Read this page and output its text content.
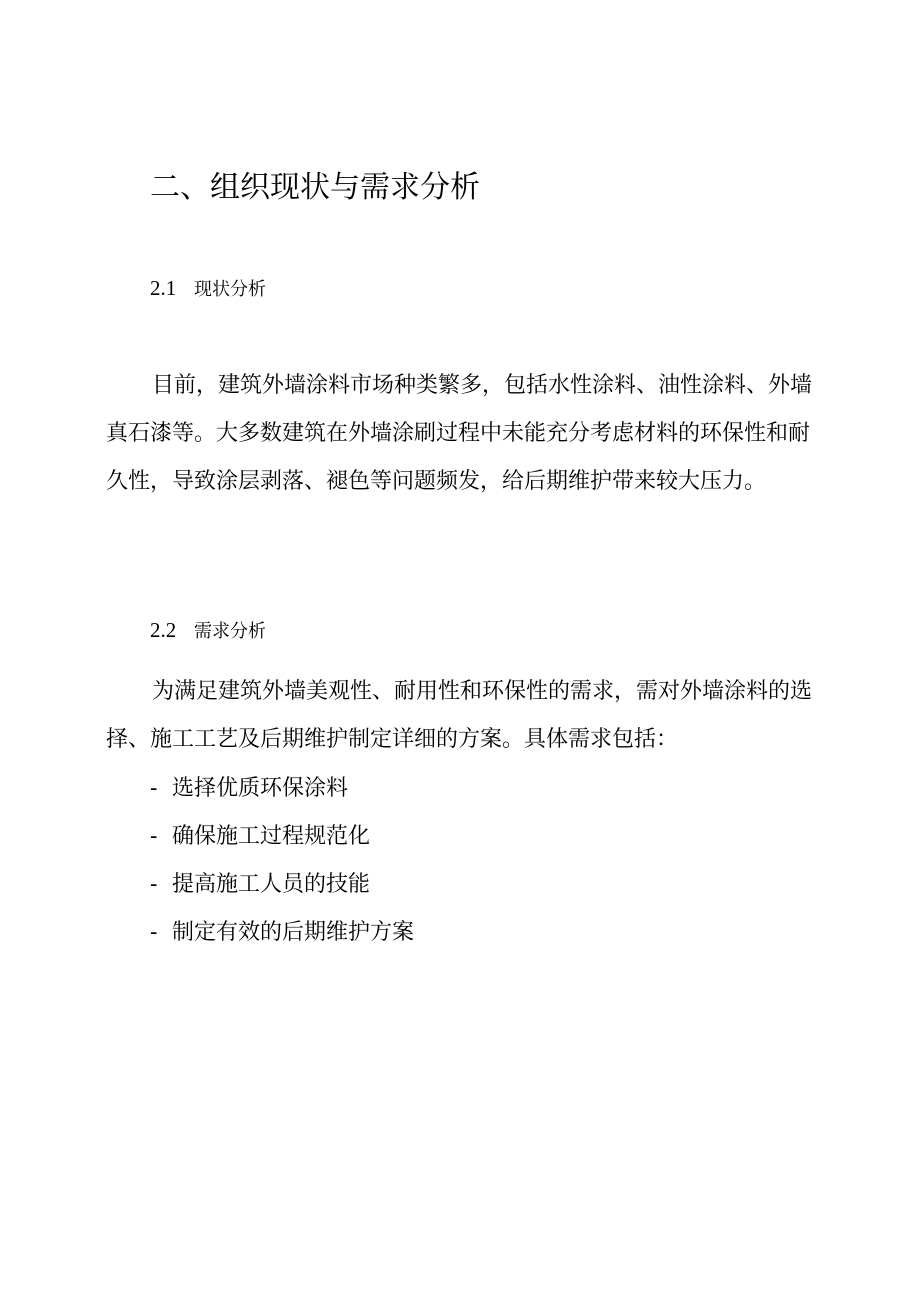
二、组织现状与需求分析
2.1 现状分析

目前，建筑外墙涂料市场种类繁多，包括水性涂料、油性涂料、外墙真石漆等。大多数建筑在外墙涂刷过程中未能充分考虑材料的环保性和耐久性，导致涂层剥落、褪色等问题频发，给后期维护带来较大压力。

2.2 需求分析

为满足建筑外墙美观性、耐用性和环保性的需求，需对外墙涂料的选择、施工工艺及后期维护制定详细的方案。具体需求包括：

- 选择优质环保涂料
- 确保施工过程规范化
- 提高施工人员的技能
- 制定有效的后期维护方案
